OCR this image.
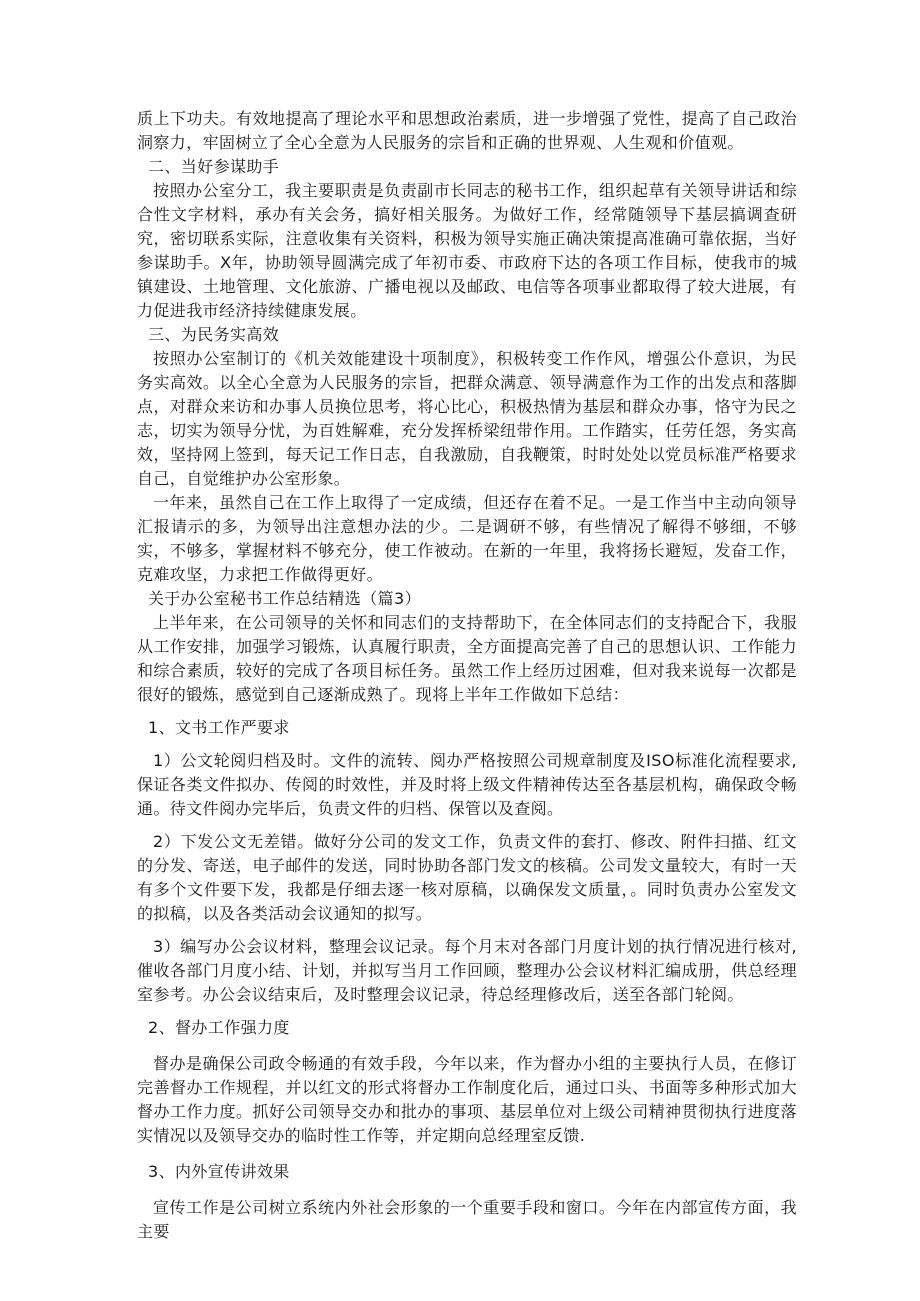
质上下功夫。有效地提高了理论水平和思想政治素质，进一步增强了党性，提高了自己政治洞察力，牢固树立了全心全意为人民服务的宗旨和正确的世界观、人生观和价值观。

二、当好参谋助手

按照办公室分工，我主要职责是负责副市长同志的秘书工作，组织起草有关领导讲话和综合性文字材料，承办有关会务，搞好相关服务。为做好工作，经常随领导下基层搞调查研究，密切联系实际，注意收集有关资料，积极为领导实施正确决策提高准确可靠依据，当好参谋助手。X年，协助领导圆满完成了年初市委、市政府下达的各项工作目标，使我市的城镇建设、土地管理、文化旅游、广播电视以及邮政、电信等各项事业都取得了较大进展，有力促进我市经济持续健康发展。

三、为民务实高效

按照办公室制订的《机关效能建设十项制度》，积极转变工作作风，增强公仆意识，为民务实高效。以全心全意为人民服务的宗旨，把群众满意、领导满意作为工作的出发点和落脚点，对群众来访和办事人员换位思考，将心比心，积极热情为基层和群众办事，恪守为民之志，切实为领导分忧，为百姓解难，充分发挥桥梁纽带作用。工作踏实，任劳任怨，务实高效，坚持网上签到，每天记工作日志，自我激励，自我鞭策，时时处处以党员标准严格要求自己，自觉维护办公室形象。

一年来，虽然自己在工作上取得了一定成绩，但还存在着不足。一是工作当中主动向领导汇报请示的多，为领导出注意想办法的少。二是调研不够，有些情况了解得不够细，不够实，不够多，掌握材料不够充分，使工作被动。在新的一年里，我将扬长避短，发奋工作，克难攻坚，力求把工作做得更好。

关于办公室秘书工作总结精选（篇3）

上半年来，在公司领导的关怀和同志们的支持帮助下，在全体同志们的支持配合下，我服从工作安排，加强学习锻炼，认真履行职责，全方面提高完善了自己的思想认识、工作能力和综合素质，较好的完成了各项目标任务。虽然工作上经历过困难，但对我来说每一次都是很好的锻炼，感觉到自己逐渐成熟了。现将上半年工作做如下总结：

1、文书工作严要求

1）公文轮阅归档及时。文件的流转、阅办严格按照公司规章制度及ISO标准化流程要求,保证各类文件拟办、传阅的时效性，并及时将上级文件精神传达至各基层机构，确保政令畅通。待文件阅办完毕后，负责文件的归档、保管以及查阅。

2）下发公文无差错。做好分公司的发文工作，负责文件的套打、修改、附件扫描、红文的分发、寄送，电子邮件的发送，同时协助各部门发文的核稿。公司发文量较大，有时一天有多个文件要下发，我都是仔细去逐一核对原稿，以确保发文质量，。同时负责办公室发文的拟稿，以及各类活动会议通知的拟写。

3）编写办公会议材料，整理会议记录。每个月末对各部门月度计划的执行情况进行核对,催收各部门月度小结、计划，并拟写当月工作回顾，整理办公会议材料汇编成册，供总经理室参考。办公会议结束后，及时整理会议记录，待总经理修改后，送至各部门轮阅。

2、督办工作强力度

督办是确保公司政令畅通的有效手段，今年以来，作为督办小组的主要执行人员，在修订完善督办工作规程，并以红文的形式将督办工作制度化后，通过口头、书面等多种形式加大督办工作力度。抓好公司领导交办和批办的事项、基层单位对上级公司精神贯彻执行进度落实情况以及领导交办的临时性工作等，并定期向总经理室反馈.

3、内外宣传讲效果

宣传工作是公司树立系统内外社会形象的一个重要手段和窗口。今年在内部宣传方面，我主要
